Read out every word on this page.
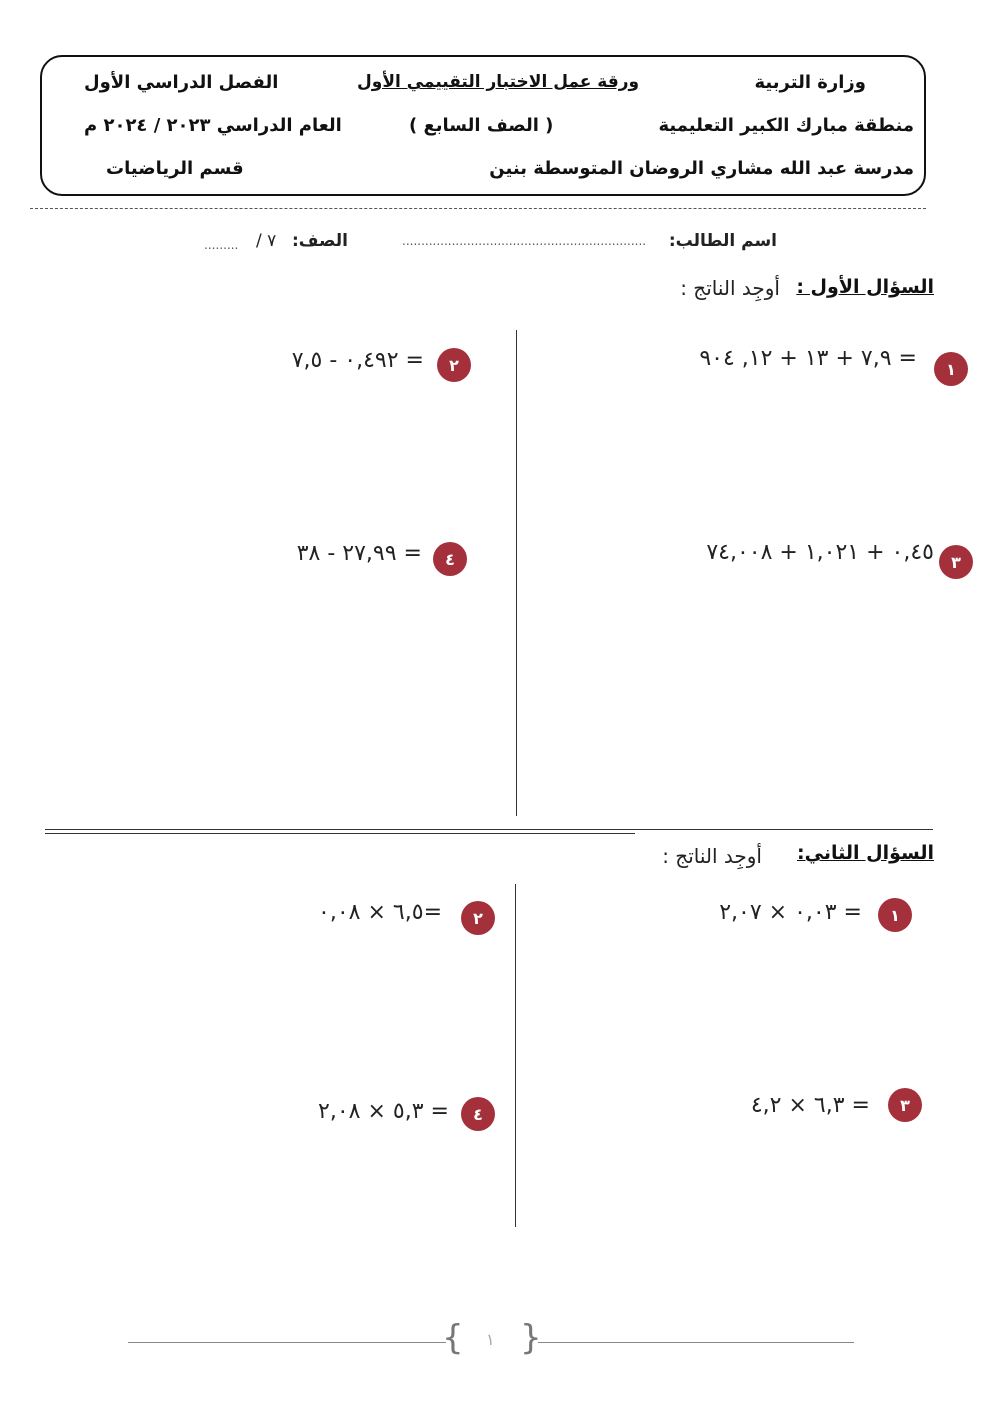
وزارة التربية
منطقة مبارك الكبير التعليمية
مدرسة عبد الله مشاري الروضان المتوسطة بنين
ورقة عمل الاختبار التقييمي الأول
( الصف السابع )
الفصل الدراسي الأول
العام الدراسي ٢٠٢٣ / ٢٠٢٤ م
قسم الرياضيات
اسم الطالب:
................................................................
الصف:
٧ /
.........
السؤال الأول :
أوجِد الناتج :
= ٧,٩ + ١٣ + ١٢, ٩٠٤	١
= ٠,٤٩٢ - ٧,٥	٢
٠,٤٥ + ١,٠٢١ + ٧٤,٠٠٨	٣
= ٢٧,٩٩ - ٣٨	٤
السؤال الثاني:
أوجِد الناتج :
= ٠,٠٣ × ٢,٠٧	١
=٦,٥ × ٠,٠٨	٢
= ٦,٣ × ٤,٢	٣
= ٥,٣ × ٢,٠٨	٤
{ }
١
